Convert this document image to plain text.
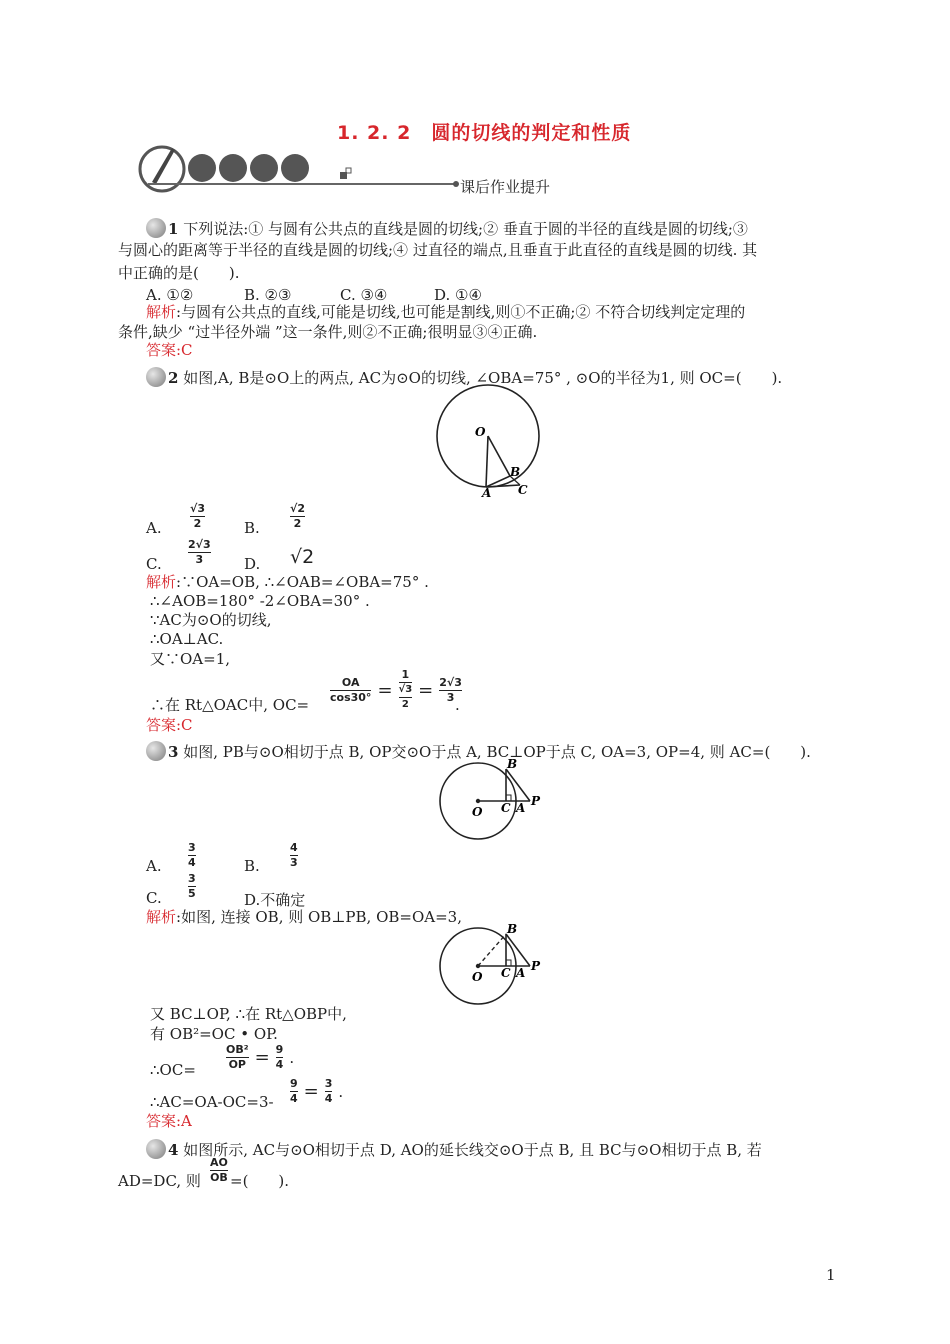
1. 2. 2　圆的切线的判定和性质
课后作业提升
1 下列说法:① 与圆有公共点的直线是圆的切线;② 垂直于圆的半径的直线是圆的切线;③
与圆心的距离等于半径的直线是圆的切线;④ 过直径的端点,且垂直于此直径的直线是圆的切线. 其
中正确的是(　　).
A. ①②	B. ②③	C. ③④	D. ①④
解析:与圆有公共点的直线,可能是切线,也可能是割线,则①不正确;② 不符合切线判定定理的
条件,缺少 “过半径外端 ”这一条件,则②不正确;很明显③④正确.
答案:C
2 如图,A, B是⊙O上的两点, AC为⊙O的切线, ∠OBA=75° , ⊙O的半径为1, 则 OC=(　　).
O
B
A C
A.
√3
2	B.
√2
2
C.
2√3
3	D. √2
解析:∵OA=OB, ∴∠OAB=∠OBA=75° .
∴∠AOB=180° -2∠OBA=30° .
∵AC为⊙O的切线,
∴OA⊥AC.
又∵OA=1,
∴在 Rt△OAC中, OC=
$\frac{OA}{\cos 30^\circ} = \frac{1}{\frac{√3}{2}} = \frac{2√3}{3}$
.
答案:C
3 如图, PB与⊙O相切于点 B, OP交⊙O于点 A, BC⊥OP于点 C, OA=3, OP=4, 则 AC=(　　).
B
O C A P
A.
3
4	B.
4
3
C.
3
5	D.不确定
解析:如图, 连接 OB, 则 OB⊥PB, OB=OA=3,
B
O C A P
又 BC⊥OP, ∴在 Rt△OBP中,
有 OB²=OC • OP.
∴OC=	$\frac{\text{OB²}}{OP} = \frac{9}{4}$ .
∴AC=OA-OC=3- $\frac{9}{4} = \frac{3}{4}$ .
答案:A
4 如图所示, AC与⊙O相切于点 D, AO的延长线交⊙O于点 B, 且 BC与⊙O相切于点 B, 若
AD=DC, 则
AO
OB =(　　).
1
